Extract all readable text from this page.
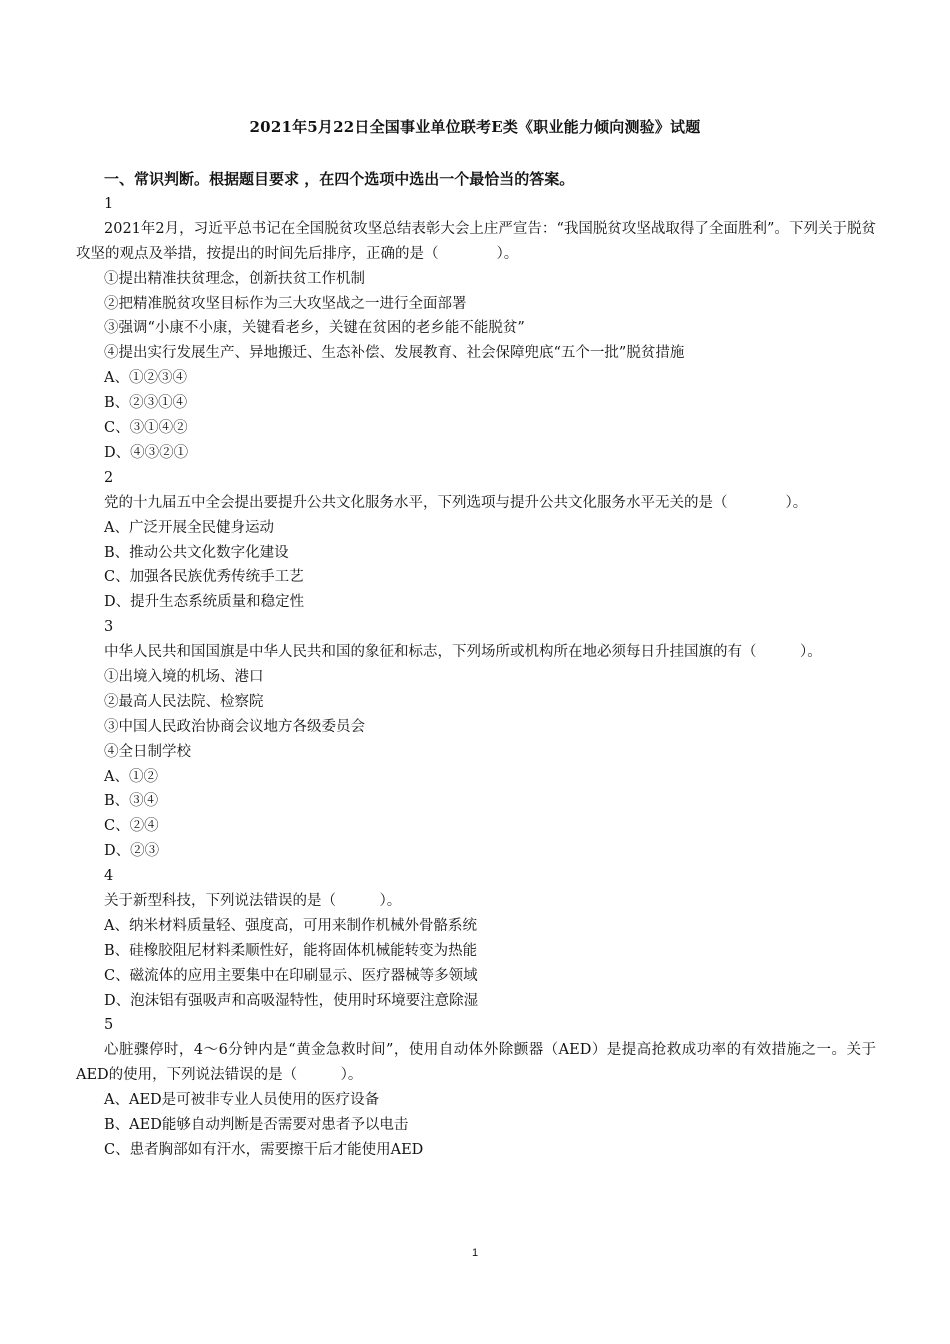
2021年5月22日全国事业单位联考E类《职业能力倾向测验》试题
一、常识判断。根据题目要求 ，在四个选项中选出一个最恰当的答案。
1
2021年2月，习近平总书记在全国脱贫攻坚总结表彰大会上庄严宣告：“我国脱贫攻坚战取得了全面胜利”。下列关于脱贫攻坚的观点及举措，按提出的时间先后排序，正确的是（　　　　）。
①提出精准扶贫理念，创新扶贫工作机制
②把精准脱贫攻坚目标作为三大攻坚战之一进行全面部署
③强调“小康不小康，关键看老乡，关键在贫困的老乡能不能脱贫”
④提出实行发展生产、异地搬迁、生态补偿、发展教育、社会保障兜底“五个一批”脱贫措施
A、①②③④
B、②③①④
C、③①④②
D、④③②①
2
党的十九届五中全会提出要提升公共文化服务水平，下列选项与提升公共文化服务水平无关的是（　　　　）。
A、广泛开展全民健身运动
B、推动公共文化数字化建设
C、加强各民族优秀传统手工艺
D、提升生态系统质量和稳定性
3
中华人民共和国国旗是中华人民共和国的象征和标志，下列场所或机构所在地必须每日升挂国旗的有（　　　）。
①出境入境的机场、港口
②最高人民法院、检察院
③中国人民政治协商会议地方各级委员会
④全日制学校
A、①②
B、③④
C、②④
D、②③
4
关于新型科技，下列说法错误的是（　　　）。
A、纳米材料质量轻、强度高，可用来制作机械外骨骼系统
B、硅橡胶阻尼材料柔顺性好，能将固体机械能转变为热能
C、磁流体的应用主要集中在印刷显示、医疗器械等多领域
D、泡沫铝有强吸声和高吸湿特性，使用时环境要注意除湿
5
心脏骤停时，4～6分钟内是“黄金急救时间”，使用自动体外除颤器（AED）是提高抢救成功率的有效措施之一。关于AED的使用，下列说法错误的是（　　　）。
A、AED是可被非专业人员使用的医疗设备
B、AED能够自动判断是否需要对患者予以电击
C、患者胸部如有汗水，需要擦干后才能使用AED
1
